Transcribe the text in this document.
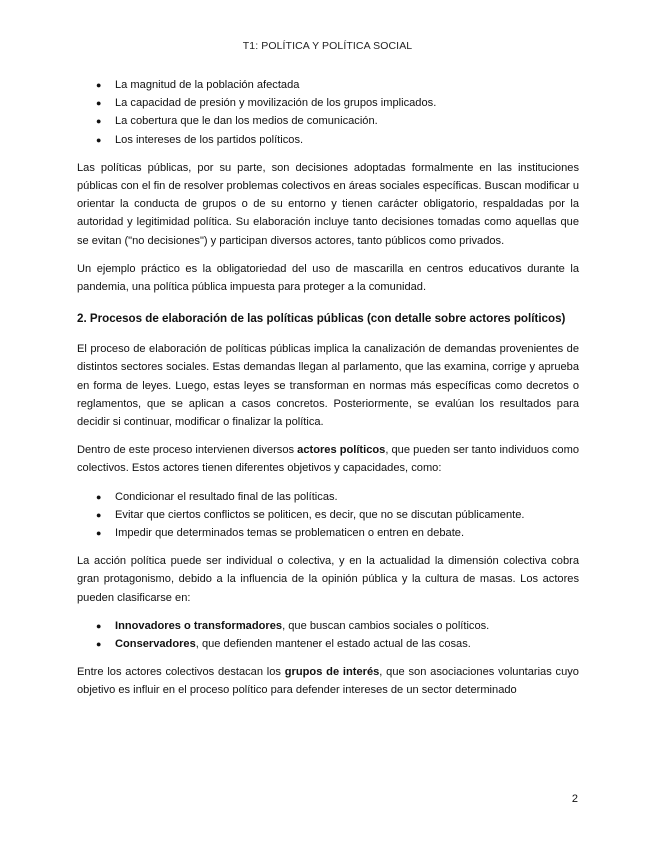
T1: POLÍTICA Y POLÍTICA SOCIAL
● La magnitud de la población afectada
● La capacidad de presión y movilización de los grupos implicados.
● La cobertura que le dan los medios de comunicación.
● Los intereses de los partidos políticos.

Las políticas públicas, por su parte, son decisiones adoptadas formalmente en las instituciones públicas con el fin de resolver problemas colectivos en áreas sociales específicas. Buscan modificar u orientar la conducta de grupos o de su entorno y tienen carácter obligatorio, respaldadas por la autoridad y legitimidad política. Su elaboración incluye tanto decisiones tomadas como aquellas que se evitan ("no decisiones") y participan diversos actores, tanto públicos como privados.

Un ejemplo práctico es la obligatoriedad del uso de mascarilla en centros educativos durante la pandemia, una política pública impuesta para proteger a la comunidad.

2. Procesos de elaboración de las políticas públicas (con detalle sobre actores políticos)

El proceso de elaboración de políticas públicas implica la canalización de demandas provenientes de distintos sectores sociales. Estas demandas llegan al parlamento, que las examina, corrige y aprueba en forma de leyes. Luego, estas leyes se transforman en normas más específicas como decretos o reglamentos, que se aplican a casos concretos. Posteriormente, se evalúan los resultados para decidir si continuar, modificar o finalizar la política.

Dentro de este proceso intervienen diversos actores políticos, que pueden ser tanto individuos como colectivos. Estos actores tienen diferentes objetivos y capacidades, como:

● Condicionar el resultado final de las políticas.
● Evitar que ciertos conflictos se politicen, es decir, que no se discutan públicamente.
● Impedir que determinados temas se problematicen o entren en debate.

La acción política puede ser individual o colectiva, y en la actualidad la dimensión colectiva cobra gran protagonismo, debido a la influencia de la opinión pública y la cultura de masas. Los actores pueden clasificarse en:

● Innovadores o transformadores, que buscan cambios sociales o políticos.
● Conservadores, que defienden mantener el estado actual de las cosas.

Entre los actores colectivos destacan los grupos de interés, que son asociaciones voluntarias cuyo objetivo es influir en el proceso político para defender intereses de un sector determinado

2
